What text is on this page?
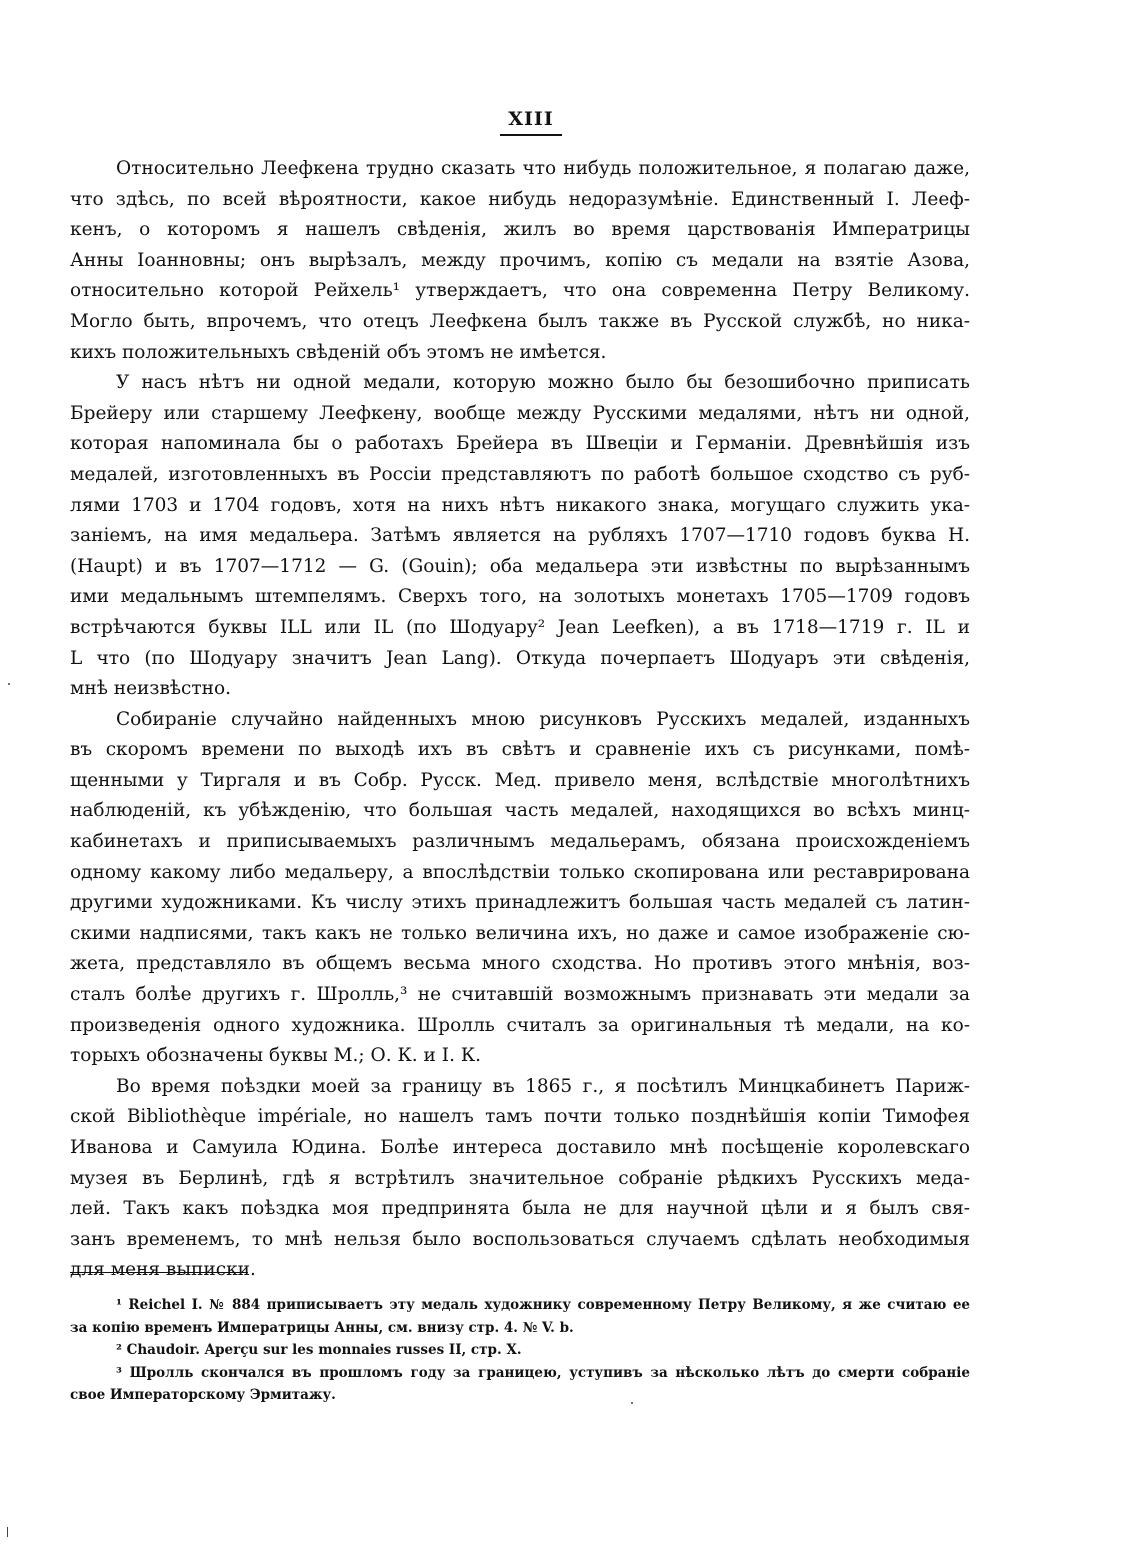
XIII

Относительно Леефкена трудно сказать что нибудь положительное, я полагаю даже,
что здѣсь, по всей вѣроятности, какое нибудь недоразумѣніе. Единственный I. Лееф-
кенъ, о которомъ я нашелъ свѣденія, жилъ во время царствованія Императрицы
Анны Іоанновны; онъ вырѣзалъ, между прочимъ, копію съ медали на взятіе Азова,
относительно которой Рейхель¹ утверждаетъ, что она современна Петру Великому.
Могло быть, впрочемъ, что отецъ Леефкена былъ также въ Русской службѣ, но ника-
кихъ положительныхъ свѣденій объ этомъ не имѣется.

У насъ нѣтъ ни одной медали, которую можно было бы безошибочно приписать
Брейеру или старшему Леефкену, вообще между Русскими медалями, нѣтъ ни одной,
которая напоминала бы о работахъ Брейера въ Швеціи и Германіи. Древнѣйшія изъ
медалей, изготовленныхъ въ Россіи представляютъ по работѣ большое сходство съ руб-
лями 1703 и 1704 годовъ, хотя на нихъ нѣтъ никакого знака, могущаго служить ука-
заніемъ, на имя медальера. Затѣмъ является на рубляхъ 1707—1710 годовъ буква Н.
(Haupt) и въ 1707—1712 — G. (Gouin); оба медальера эти извѣстны по вырѣзаннымъ
ими медальнымъ штемпелямъ. Сверхъ того, на золотыхъ монетахъ 1705—1709 годовъ
встрѣчаются буквы ILL или IL (по Шодуару² Jean Leefken), а въ 1718—1719 г. IL и
L что (по Шодуару значитъ Jean Lang). Откуда почерпаетъ Шодуаръ эти свѣденія,
мнѣ неизвѣстно.

Собираніе случайно найденныхъ мною рисунковъ Русскихъ медалей, изданныхъ
въ скоромъ времени по выходѣ ихъ въ свѣтъ и сравненіе ихъ съ рисунками, помѣ-
щенными у Тиргаля и въ Собр. Русск. Мед. привело меня, вслѣдствіе многолѣтнихъ
наблюденій, къ убѣжденію, что большая часть медалей, находящихся во всѣхъ минц-
кабинетахъ и приписываемыхъ различнымъ медальерамъ, обязана происхожденіемъ
одному какому либо медальеру, а впослѣдствіи только скопирована или реставрирована
другими художниками. Къ числу этихъ принадлежитъ большая часть медалей съ латин-
скими надписями, такъ какъ не только величина ихъ, но даже и самое изображеніе сю-
жета, представляло въ общемъ весьма много сходства. Но противъ этого мнѣнія, воз-
сталъ болѣе другихъ г. Шролль,³ не считавшій возможнымъ признавать эти медали за
произведенія одного художника. Шролль считалъ за оригинальныя тѣ медали, на ко-
торыхъ обозначены буквы М.; О. К. и I. К.

Во время поѣздки моей за границу въ 1865 г., я посѣтилъ Минцкабинетъ Париж-
ской Bibliothèque impériale, но нашелъ тамъ почти только позднѣйшія копіи Тимофея
Иванова и Самуила Юдина. Болѣе интереса доставило мнѣ посѣщеніе королевскаго
музея въ Берлинѣ, гдѣ я встрѣтилъ значительное собраніе рѣдкихъ Русскихъ меда-
лей. Такъ какъ поѣздка моя предпринята была не для научной цѣли и я былъ свя-
занъ временемъ, то мнѣ нельзя было воспользоваться случаемъ сдѣлать необходимыя
для меня выписки.

¹ Reichel I. № 884 приписываетъ эту медаль художнику современному Петру Великому, я же считаю ее
за копію временъ Императрицы Анны, см. внизу стр. 4. № V. b.
² Chaudoir. Aperçu sur les monnaies russes II, стр. X.
³ Шролль скончался въ прошломъ году за границею, уступивъ за нѣсколько лѣтъ до смерти собраніе
свое Императорскому Эрмитажу.
